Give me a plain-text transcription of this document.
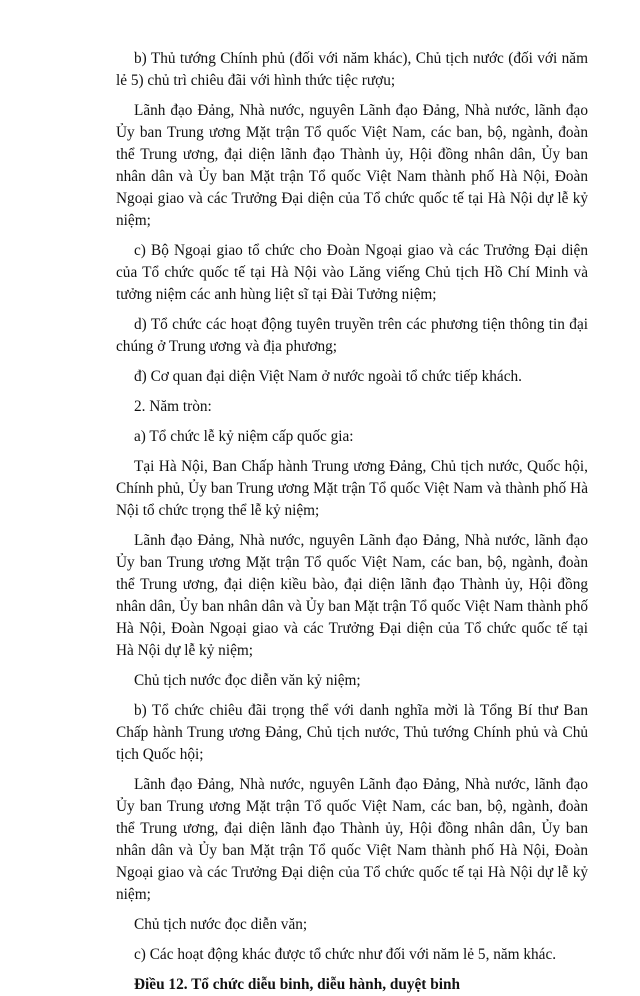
b) Thủ tướng Chính phủ (đối với năm khác), Chủ tịch nước (đối với năm lẻ 5) chủ trì chiêu đãi với hình thức tiệc rượu;

Lãnh đạo Đảng, Nhà nước, nguyên Lãnh đạo Đảng, Nhà nước, lãnh đạo Ủy ban Trung ương Mặt trận Tổ quốc Việt Nam, các ban, bộ, ngành, đoàn thể Trung ương, đại diện lãnh đạo Thành ủy, Hội đồng nhân dân, Ủy ban nhân dân và Ủy ban Mặt trận Tổ quốc Việt Nam thành phố Hà Nội, Đoàn Ngoại giao và các Trưởng Đại diện của Tổ chức quốc tế tại Hà Nội dự lễ kỷ niệm;

c) Bộ Ngoại giao tổ chức cho Đoàn Ngoại giao và các Trưởng Đại diện của Tổ chức quốc tế tại Hà Nội vào Lăng viếng Chủ tịch Hồ Chí Minh và tưởng niệm các anh hùng liệt sĩ tại Đài Tưởng niệm;

d) Tổ chức các hoạt động tuyên truyền trên các phương tiện thông tin đại chúng ở Trung ương và địa phương;

đ) Cơ quan đại diện Việt Nam ở nước ngoài tổ chức tiếp khách.

2. Năm tròn:

a) Tổ chức lễ kỷ niệm cấp quốc gia:

Tại Hà Nội, Ban Chấp hành Trung ương Đảng, Chủ tịch nước, Quốc hội, Chính phủ, Ủy ban Trung ương Mặt trận Tổ quốc Việt Nam và thành phố Hà Nội tổ chức trọng thể lễ kỷ niệm;

Lãnh đạo Đảng, Nhà nước, nguyên Lãnh đạo Đảng, Nhà nước, lãnh đạo Ủy ban Trung ương Mặt trận Tổ quốc Việt Nam, các ban, bộ, ngành, đoàn thể Trung ương, đại diện kiều bào, đại diện lãnh đạo Thành ủy, Hội đồng nhân dân, Ủy ban nhân dân và Ủy ban Mặt trận Tổ quốc Việt Nam thành phố Hà Nội, Đoàn Ngoại giao và các Trưởng Đại diện của Tổ chức quốc tế tại Hà Nội dự lễ kỷ niệm;

Chủ tịch nước đọc diễn văn kỷ niệm;

b) Tổ chức chiêu đãi trọng thể với danh nghĩa mời là Tổng Bí thư Ban Chấp hành Trung ương Đảng, Chủ tịch nước, Thủ tướng Chính phủ và Chủ tịch Quốc hội;

Lãnh đạo Đảng, Nhà nước, nguyên Lãnh đạo Đảng, Nhà nước, lãnh đạo Ủy ban Trung ương Mặt trận Tổ quốc Việt Nam, các ban, bộ, ngành, đoàn thể Trung ương, đại diện lãnh đạo Thành ủy, Hội đồng nhân dân, Ủy ban nhân dân và Ủy ban Mặt trận Tổ quốc Việt Nam thành phố Hà Nội, Đoàn Ngoại giao và các Trưởng Đại diện của Tổ chức quốc tế tại Hà Nội dự lễ kỷ niệm;

Chủ tịch nước đọc diễn văn;

c) Các hoạt động khác được tổ chức như đối với năm lẻ 5, năm khác.

Điều 12. Tổ chức diễu binh, diễu hành, duyệt binh
